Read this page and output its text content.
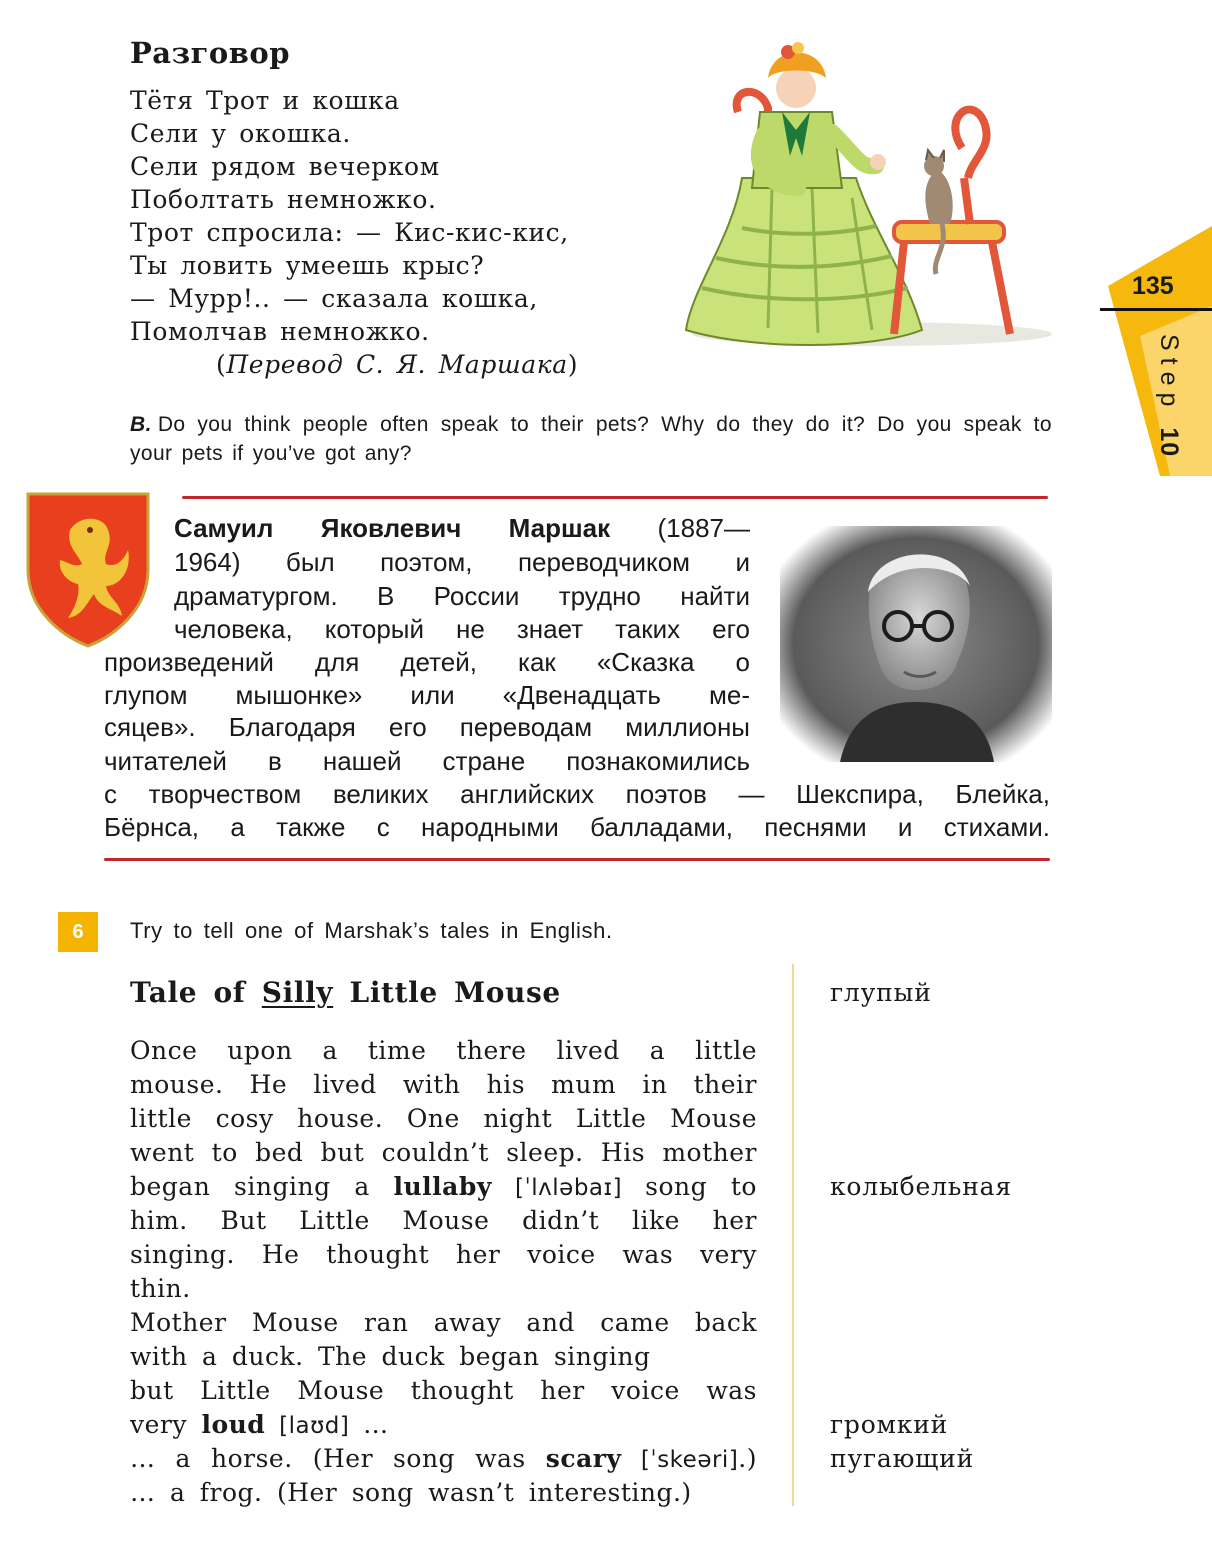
Разговор
Тётя Трот и кошка
Сели у окошка.
Сели рядом вечерком
Поболтать немножко.
Трот спросила: — Кис-кис-кис,
Ты ловить умеешь крыс?
— Мурр!.. — сказала кошка,
Помолчав немножко.
(Перевод С. Я. Маршака)
135
Step 10
B. Do you think people often speak to their pets? Why do they do it? Do you speak to your pets if you’ve got any?
Самуил Яковлевич Маршак (1887—
1964) был поэтом, переводчиком и
драматургом. В России трудно найти
человека, который не знает таких его
произведений для детей, как «Сказка о
глупом мышонке» или «Двенадцать ме-
сяцев». Благодаря его переводам миллионы
читателей в нашей стране познакомились
с творчеством великих английских поэтов — Шекспира, Блейка,
Бёрнса, а также с народными балладами, песнями и стихами.
6	Try to tell one of Marshak’s tales in English.
Tale of Silly Little Mouse
Once upon a time there lived a little
mouse. He lived with his mum in their
little cosy house. One night Little Mouse
went to bed but couldn’t sleep. His mother
began singing a lullaby [ˈlʌləbaɪ] song to
him. But Little Mouse didn’t like her
singing. He thought her voice was very
thin.
Mother Mouse ran away and came back
with a duck. The duck began singing
but Little Mouse thought her voice was
very loud [laʊd] …
… a horse. (Her song was scary [ˈskeəri].)
… a frog. (Her song wasn’t interesting.)
глупый
колыбельная
громкий
пугающий
